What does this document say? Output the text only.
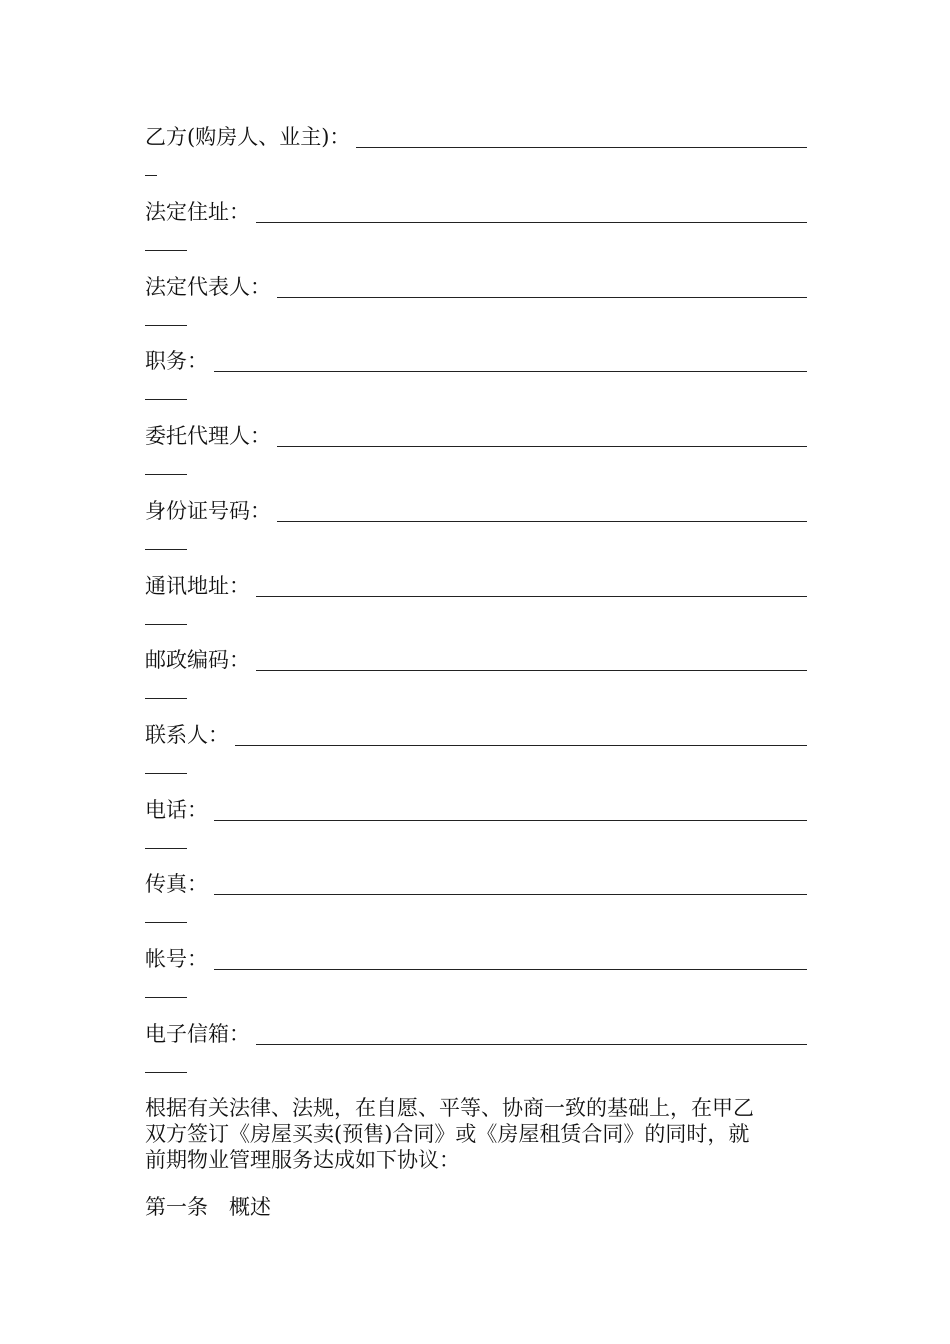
乙方(购房人、业主)：
法定住址：
法定代表人：
职务：
委托代理人：
身份证号码：
通讯地址：
邮政编码：
联系人：
电话：
传真：
帐号：
电子信箱：
根据有关法律、法规，在自愿、平等、协商一致的基础上，在甲乙
双方签订《房屋买卖(预售)合同》或《房屋租赁合同》的同时，就
前期物业管理服务达成如下协议：
第一条　概述
